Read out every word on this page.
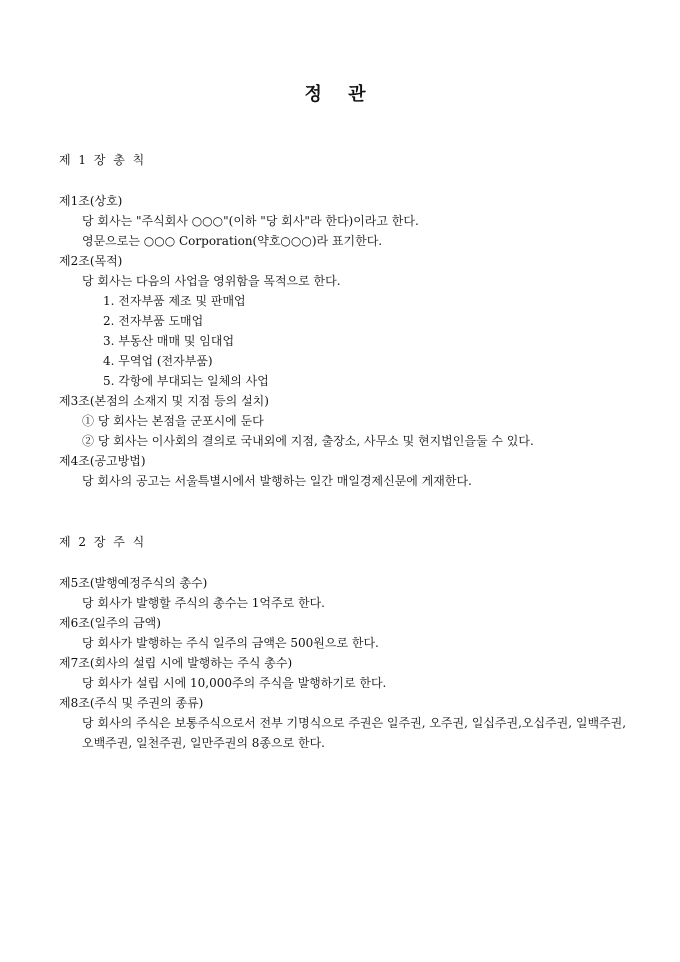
정 관
제 1 장 총 칙
제1조(상호)
당 회사는 "주식회사 ○○○"(이하 "당 회사"라 한다)이라고 한다.
영문으로는 ○○○ Corporation(약호○○○)라 표기한다.
제2조(목적)
당 회사는 다음의 사업을 영위함을 목적으로 한다.
1. 전자부품 제조 및 판매업
2. 전자부품 도매업
3. 부동산 매매 및 임대업
4. 무역업 (전자부품)
5. 각항에 부대되는 일체의 사업
제3조(본점의 소재지 및 지점 등의 설치)
① 당 회사는 본점을 군포시에 둔다
② 당 회사는 이사회의 결의로 국내외에 지점, 출장소, 사무소 및 현지법인을둘 수 있다.
제4조(공고방법)
당 회사의 공고는 서울특별시에서 발행하는 일간 매일경제신문에 게재한다.
제 2 장 주 식
제5조(발행예정주식의 총수)
당 회사가 발행할 주식의 총수는 1억주로 한다.
제6조(일주의 금액)
당 회사가 발행하는 주식 일주의 금액은 500원으로 한다.
제7조(회사의 설립 시에 발행하는 주식 총수)
당 회사가 설립 시에 10,000주의 주식을 발행하기로 한다.
제8조(주식 및 주권의 종류)
당 회사의 주식은 보통주식으로서 전부 기명식으로 주권은 일주권, 오주권, 일십주권,오십주권, 일백주권, 오백주권, 일천주권, 일만주권의 8종으로 한다.
